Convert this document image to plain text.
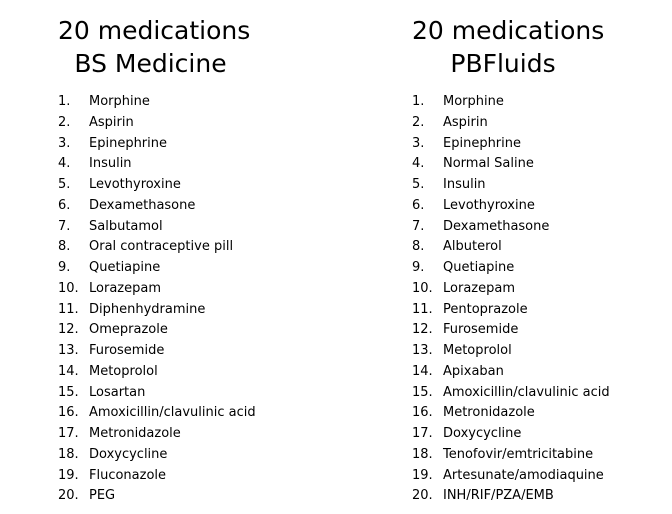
20 medications
BS Medicine
1.	Morphine
2.	Aspirin
3.	Epinephrine
4.	Insulin
5.	Levothyroxine
6.	Dexamethasone
7.	Salbutamol
8.	Oral contraceptive pill
9.	Quetiapine
10. Lorazepam
11. Diphenhydramine
12. Omeprazole
13. Furosemide
14. Metoprolol
15. Losartan
16. Amoxicillin/clavulinic acid
17. Metronidazole
18. Doxycycline
19. Fluconazole
20. PEG
20 medications
PBFluids
1.	Morphine
2.	Aspirin
3.	Epinephrine
4.	Normal Saline
5.	Insulin
6.	Levothyroxine
7.	Dexamethasone
8.	Albuterol
9.	Quetiapine
10. Lorazepam
11. Pentoprazole
12. Furosemide
13. Metoprolol
14. Apixaban
15. Amoxicillin/clavulinic acid
16. Metronidazole
17. Doxycycline
18. Tenofovir/emtricitabine
19. Artesunate/amodiaquine
20. INH/RIF/PZA/EMB
